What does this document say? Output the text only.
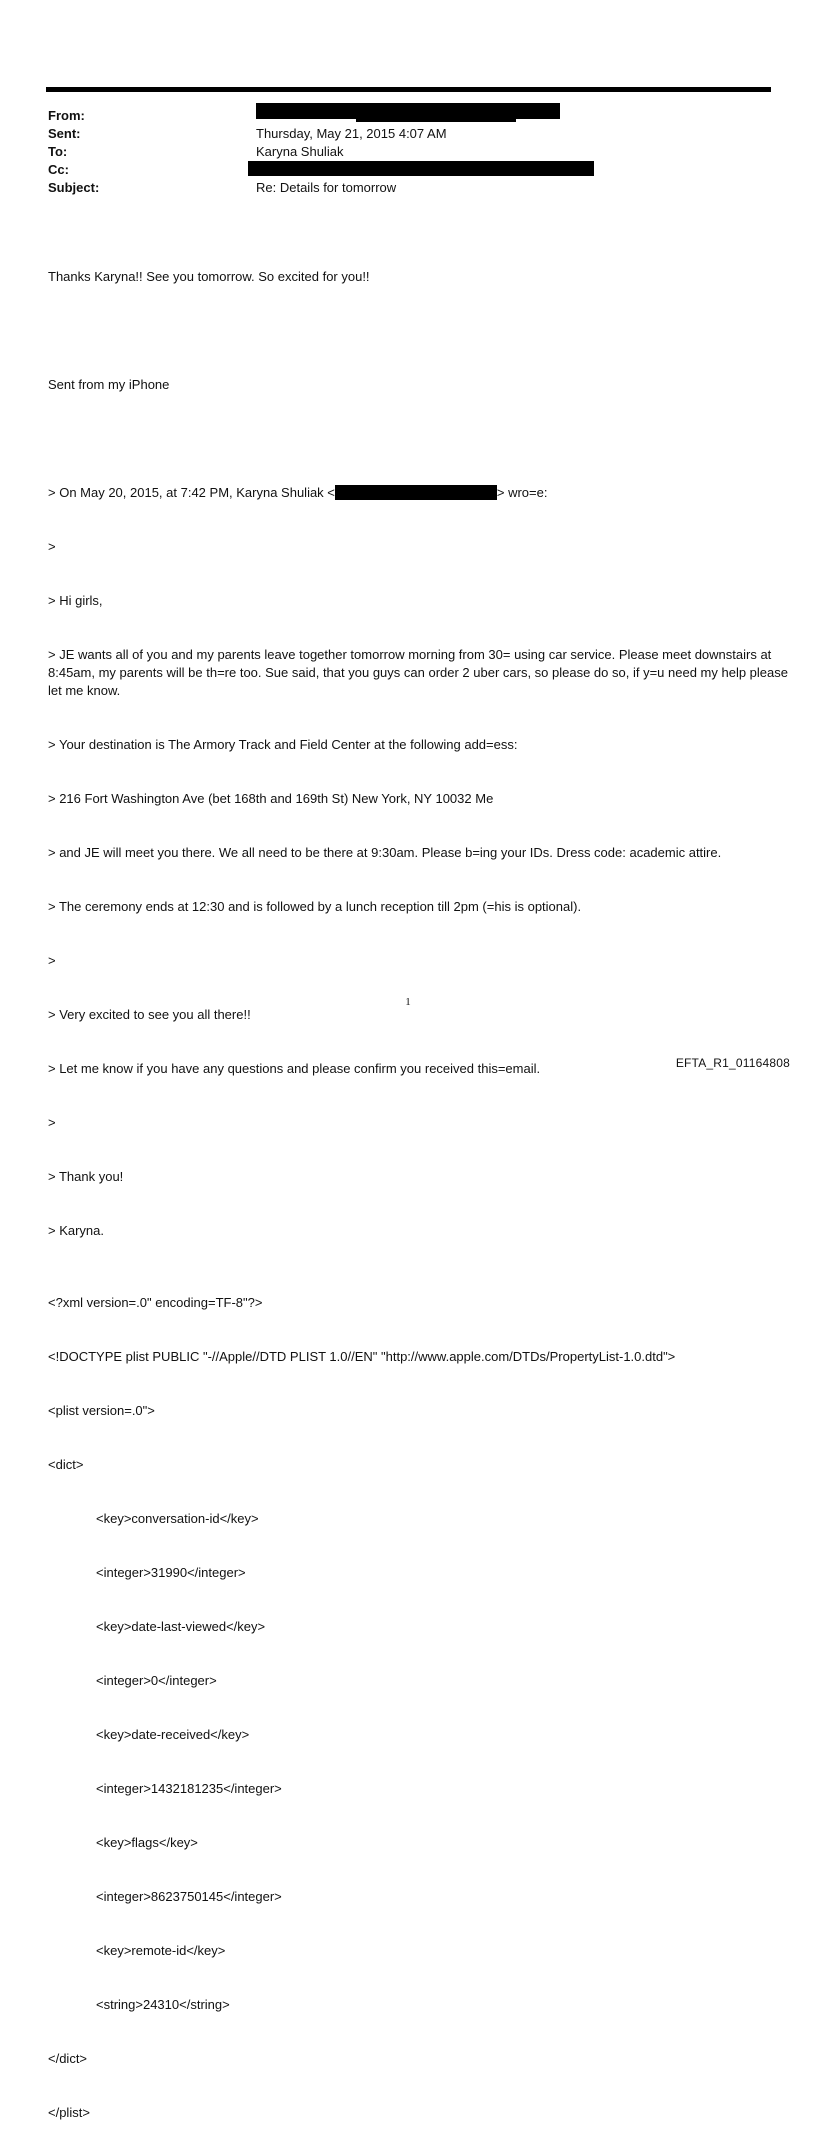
From:
Sent:	Thursday, May 21, 2015 4:07 AM
To:	Karyna Shuliak
Cc:
Subject:	Re: Details for tomorrow

Thanks Karyna!! See you tomorrow. So excited for you!!

Sent from my iPhone

> On May 20, 2015, at 7:42 PM, Karyna Shuliak <	> wro=e:

>

> Hi girls,

> JE wants all of you and my parents leave together tomorrow morning from 30= using car service. Please meet downstairs at 8:45am, my parents will be th=re too. Sue said, that you guys can order 2 uber cars, so please do so, if y=u need my help please let me know.

> Your destination is The Armory Track and Field Center at the following add=ess:

> 216 Fort Washington Ave (bet 168th and 169th St) New York, NY 10032 Me

> and JE will meet you there. We all need to be there at 9:30am. Please b=ing your IDs. Dress code: academic attire.

> The ceremony ends at 12:30 and is followed by a lunch reception till 2pm (=his is optional).

>

> Very excited to see you all there!!

> Let me know if you have any questions and please confirm you received this=email.

>

> Thank you!

> Karyna.

<?xml version=.0" encoding=TF-8"?>

<!DOCTYPE plist PUBLIC "-//Apple//DTD PLIST 1.0//EN" "http://www.apple.com/DTDs/PropertyList-1.0.dtd">

<plist version=.0">

<dict>

<key>conversation-id</key>

<integer>31990</integer>

<key>date-last-viewed</key>

<integer>0</integer>

<key>date-received</key>

<integer>1432181235</integer>

<key>flags</key>

<integer>8623750145</integer>

<key>remote-id</key>

<string>24310</string>

</dict>

</plist>

1
EFTA_R1_01164808
